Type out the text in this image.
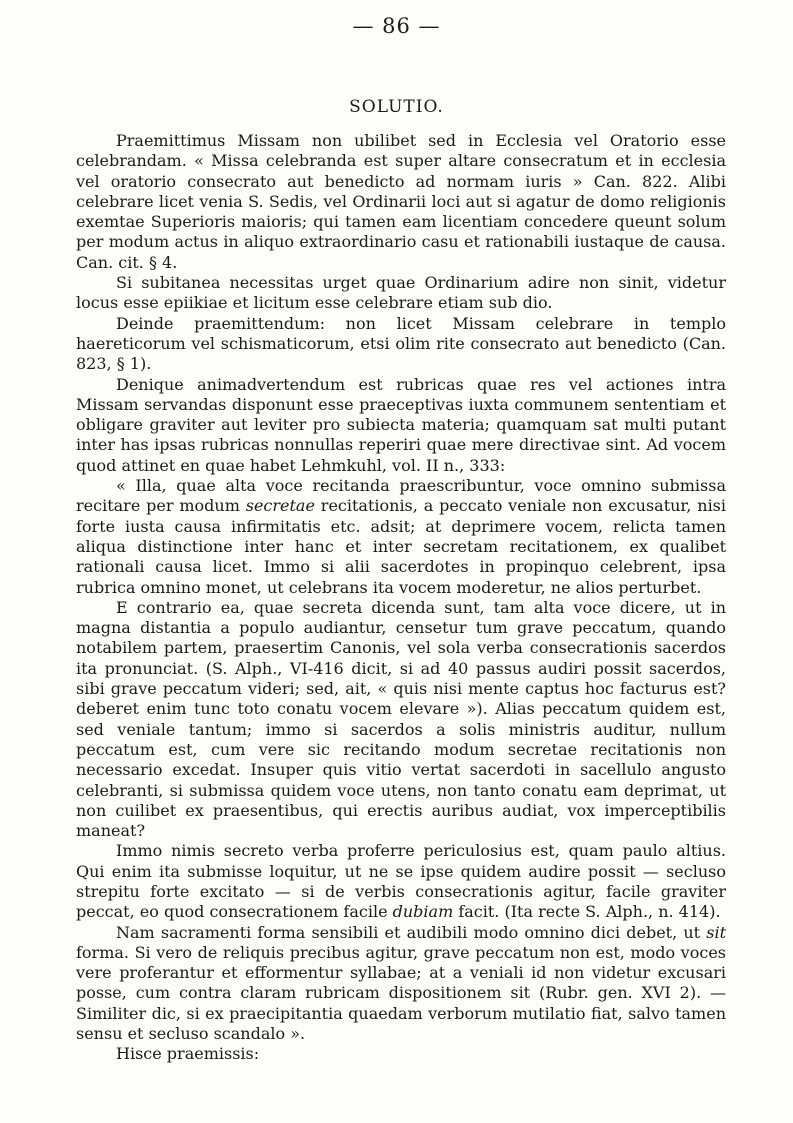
— 86 —
SOLUTIO.

Praemittimus Missam non ubilibet sed in Ecclesia vel Oratorio esse celebrandam. « Missa celebranda est super altare consecratum et in ecclesia vel oratorio consecrato aut benedicto ad normam iuris » Can. 822. Alibi celebrare licet venia S. Sedis, vel Ordinarii loci aut si agatur de domo religionis exemtae Superioris maioris; qui tamen eam licentiam concedere queunt solum per modum actus in aliquo extraordinario casu et rationabili iustaque de causa. Can. cit. § 4.

Si subitanea necessitas urget quae Ordinarium adire non sinit, videtur locus esse epiikiae et licitum esse celebrare etiam sub dio.

Deinde praemittendum: non licet Missam celebrare in templo haereticorum vel schismaticorum, etsi olim rite consecrato aut benedicto (Can. 823, § 1).

Denique animadvertendum est rubricas quae res vel actiones intra Missam servandas disponunt esse praeceptivas iuxta communem sententiam et obligare graviter aut leviter pro subiecta materia; quamquam sat multi putant inter has ipsas rubricas nonnullas reperiri quae mere directivae sint. Ad vocem quod attinet en quae habet Lehmkuhl, vol. II n., 333:

« Illa, quae alta voce recitanda praescribuntur, voce omnino submissa recitare per modum secretae recitationis, a peccato veniale non excusatur, nisi forte iusta causa infirmitatis etc. adsit; at deprimere vocem, relicta tamen aliqua distinctione inter hanc et inter secretam recitationem, ex qualibet rationali causa licet. Immo si alii sacerdotes in propinquo celebrent, ipsa rubrica omnino monet, ut celebrans ita vocem moderetur, ne alios perturbet.

E contrario ea, quae secreta dicenda sunt, tam alta voce dicere, ut in magna distantia a populo audiantur, censetur tum grave peccatum, quando notabilem partem, praesertim Canonis, vel sola verba consecrationis sacerdos ita pronunciat. (S. Alph., VI-416 dicit, si ad 40 passus audiri possit sacerdos, sibi grave peccatum videri; sed, ait, « quis nisi mente captus hoc facturus est? deberet enim tunc toto conatu vocem elevare »). Alias peccatum quidem est, sed veniale tantum; immo si sacerdos a solis ministris auditur, nullum peccatum est, cum vere sic recitando modum secretae recitationis non necessario excedat. Insuper quis vitio vertat sacerdoti in sacellulo angusto celebranti, si submissa quidem voce utens, non tanto conatu eam deprimat, ut non cuilibet ex praesentibus, qui erectis auribus audiat, vox imperceptibilis maneat?

Immo nimis secreto verba proferre periculosius est, quam paulo altius. Qui enim ita submisse loquitur, ut ne se ipse quidem audire possit — secluso strepitu forte excitato — si de verbis consecrationis agitur, facile graviter peccat, eo quod consecrationem facile dubiam facit. (Ita recte S. Alph., n. 414).

Nam sacramenti forma sensibili et audibili modo omnino dici debet, ut sit forma. Si vero de reliquis precibus agitur, grave peccatum non est, modo voces vere proferantur et efformentur syllabae; at a veniali id non videtur excusari posse, cum contra claram rubricam dispositionem sit (Rubr. gen. XVI 2). — Similiter dic, si ex praecipitantia quaedam verborum mutilatio fiat, salvo tamen sensu et secluso scandalo ».

Hisce praemissis:
